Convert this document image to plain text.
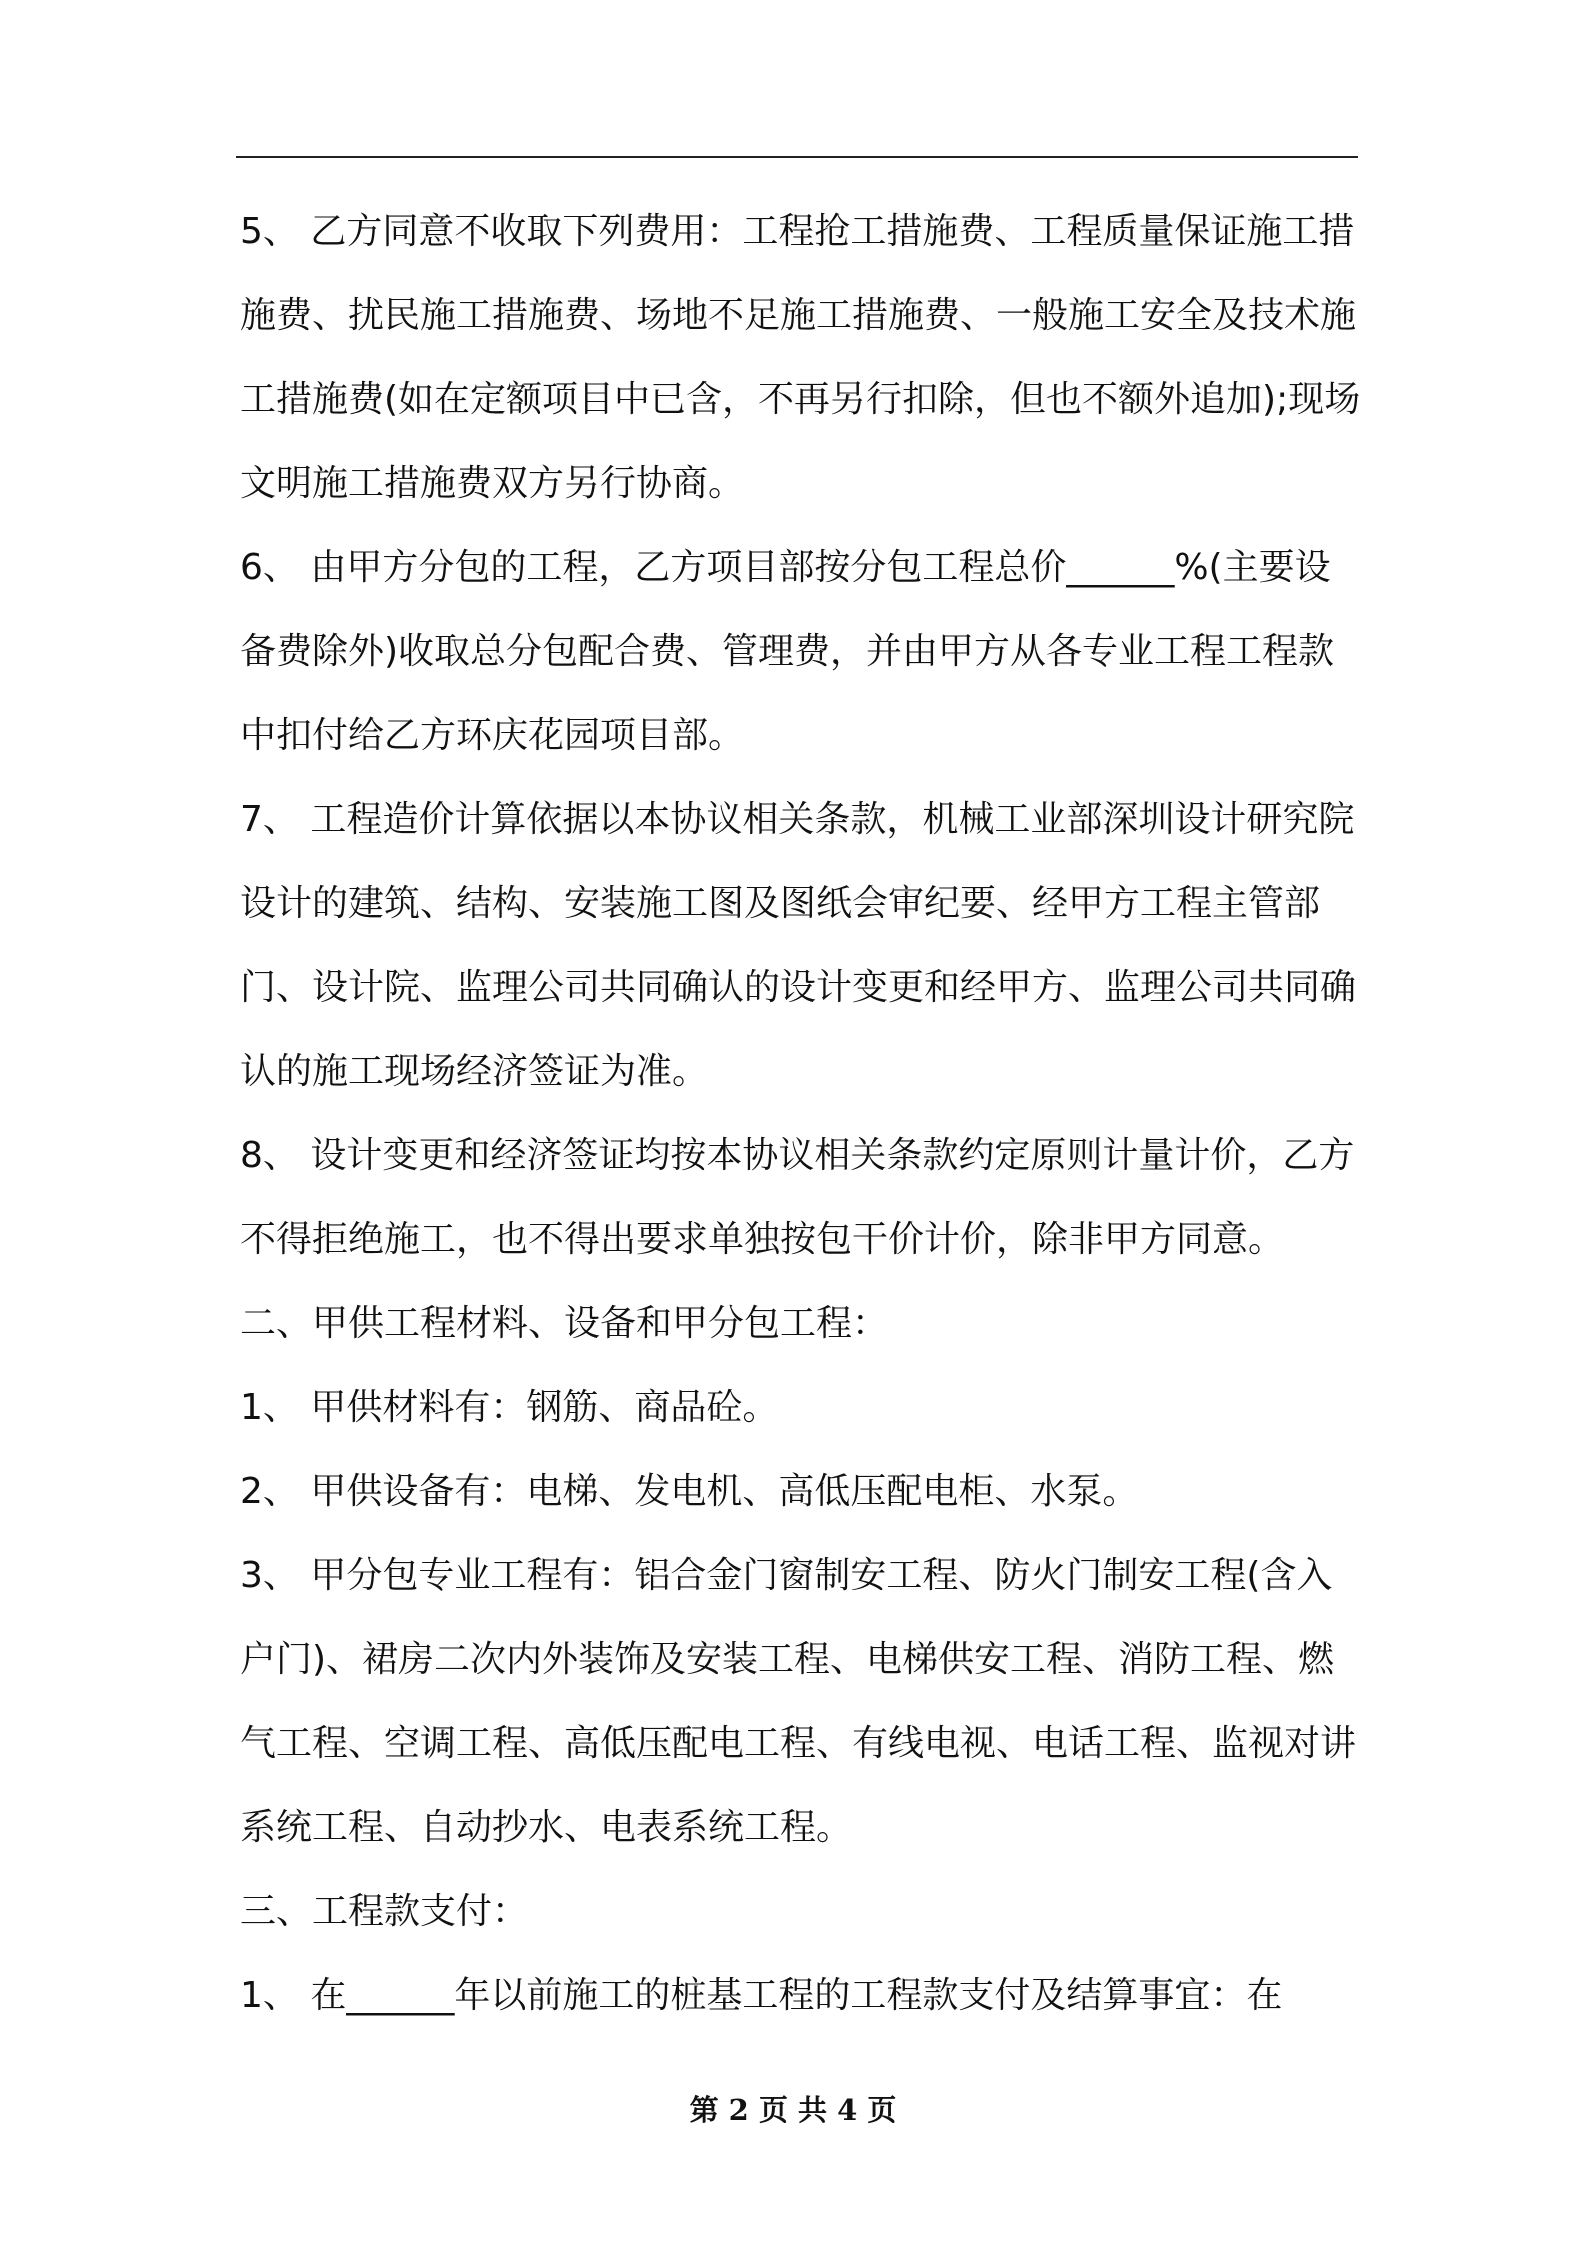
5、 乙方同意不收取下列费用：工程抢工措施费、工程质量保证施工措施费、扰民施工措施费、场地不足施工措施费、一般施工安全及技术施工措施费(如在定额项目中已含，不再另行扣除，但也不额外追加);现场文明施工措施费双方另行协商。

6、 由甲方分包的工程，乙方项目部按分包工程总价______%(主要设备费除外)收取总分包配合费、管理费，并由甲方从各专业工程工程款中扣付给乙方环庆花园项目部。

7、 工程造价计算依据以本协议相关条款，机械工业部深圳设计研究院设计的建筑、结构、安装施工图及图纸会审纪要、经甲方工程主管部门、设计院、监理公司共同确认的设计变更和经甲方、监理公司共同确认的施工现场经济签证为准。

8、 设计变更和经济签证均按本协议相关条款约定原则计量计价，乙方不得拒绝施工，也不得出要求单独按包干价计价，除非甲方同意。

二、甲供工程材料、设备和甲分包工程：

1、 甲供材料有：钢筋、商品砼。

2、 甲供设备有：电梯、发电机、高低压配电柜、水泵。

3、 甲分包专业工程有：铝合金门窗制安工程、防火门制安工程(含入户门)、裙房二次内外装饰及安装工程、电梯供安工程、消防工程、燃气工程、空调工程、高低压配电工程、有线电视、电话工程、监视对讲系统工程、自动抄水、电表系统工程。

三、工程款支付：

1、 在______年以前施工的桩基工程的工程款支付及结算事宜：在

第 2 页 共 4 页
